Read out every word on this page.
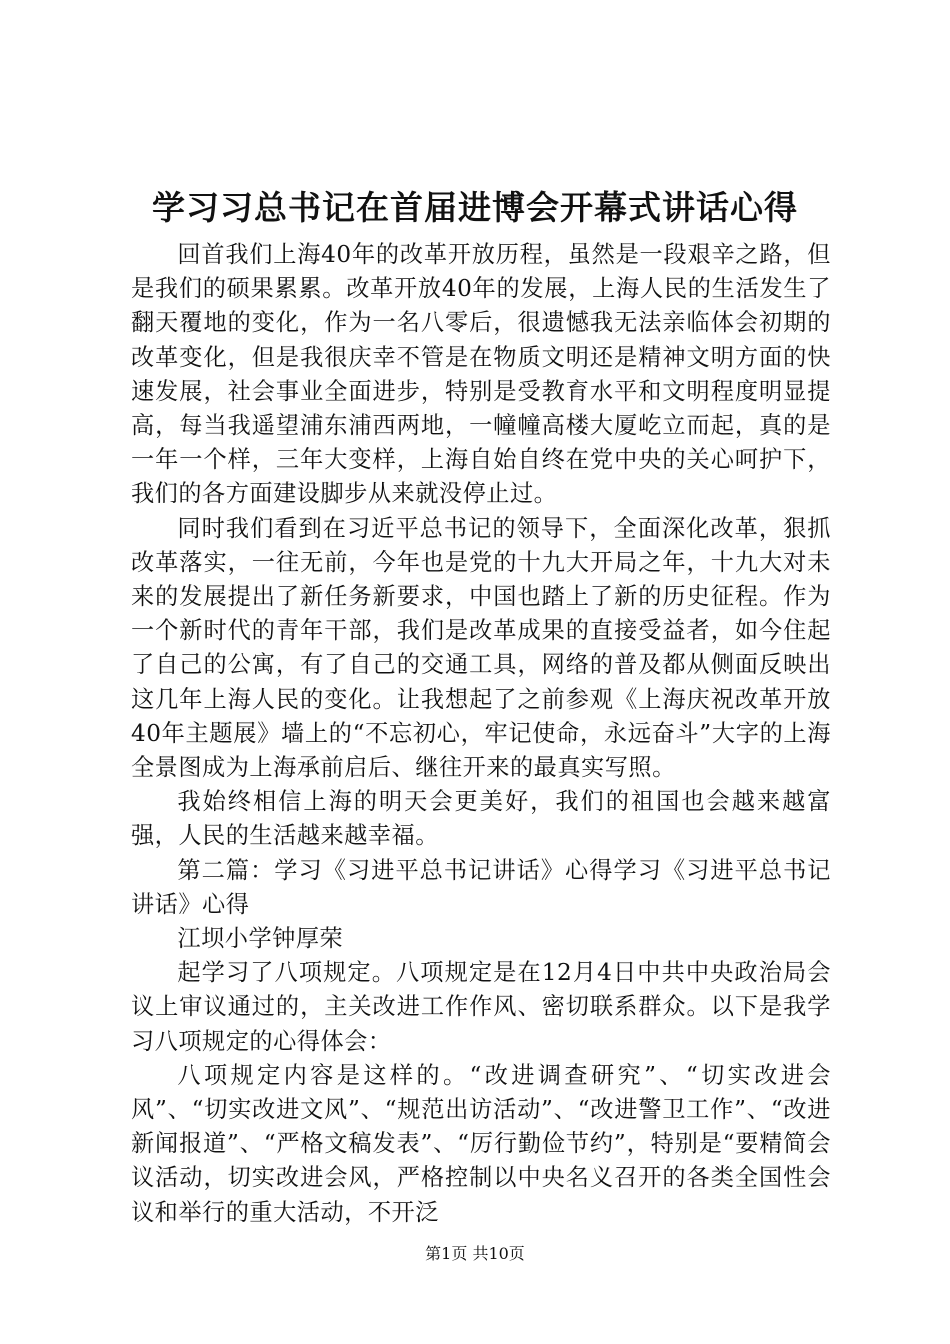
学习习总书记在首届进博会开幕式讲话心得

回首我们上海40年的改革开放历程，虽然是一段艰辛之路，但是我们的硕果累累。改革开放40年的发展，上海人民的生活发生了翻天覆地的变化，作为一名八零后，很遗憾我无法亲临体会初期的改革变化，但是我很庆幸不管是在物质文明还是精神文明方面的快速发展，社会事业全面进步，特别是受教育水平和文明程度明显提高，每当我遥望浦东浦西两地，一幢幢高楼大厦屹立而起，真的是一年一个样，三年大变样，上海自始自终在党中央的关心呵护下，我们的各方面建设脚步从来就没停止过。

同时我们看到在习近平总书记的领导下，全面深化改革，狠抓改革落实，一往无前，今年也是党的十九大开局之年，十九大对未来的发展提出了新任务新要求，中国也踏上了新的历史征程。作为一个新时代的青年干部，我们是改革成果的直接受益者，如今住起了自己的公寓，有了自己的交通工具，网络的普及都从侧面反映出这几年上海人民的变化。让我想起了之前参观《上海庆祝改革开放40年主题展》墙上的“不忘初心，牢记使命，永远奋斗”大字的上海全景图成为上海承前启后、继往开来的最真实写照。

我始终相信上海的明天会更美好，我们的祖国也会越来越富强，人民的生活越来越幸福。

第二篇：学习《习进平总书记讲话》心得学习《习进平总书记讲话》心得

江坝小学钟厚荣

起学习了八项规定。八项规定是在12月4日中共中央政治局会议上审议通过的，主关改进工作作风、密切联系群众。以下是我学习八项规定的心得体会：

八项规定内容是这样的。“改进调查研究”、“切实改进会风”、“切实改进文风”、“规范出访活动”、“改进警卫工作”、“改进新闻报道”、“严格文稿发表”、“厉行勤俭节约”，特别是“要精简会议活动，切实改进会风，严格控制以中央名义召开的各类全国性会议和举行的重大活动，不开泛

第1页 共10页
